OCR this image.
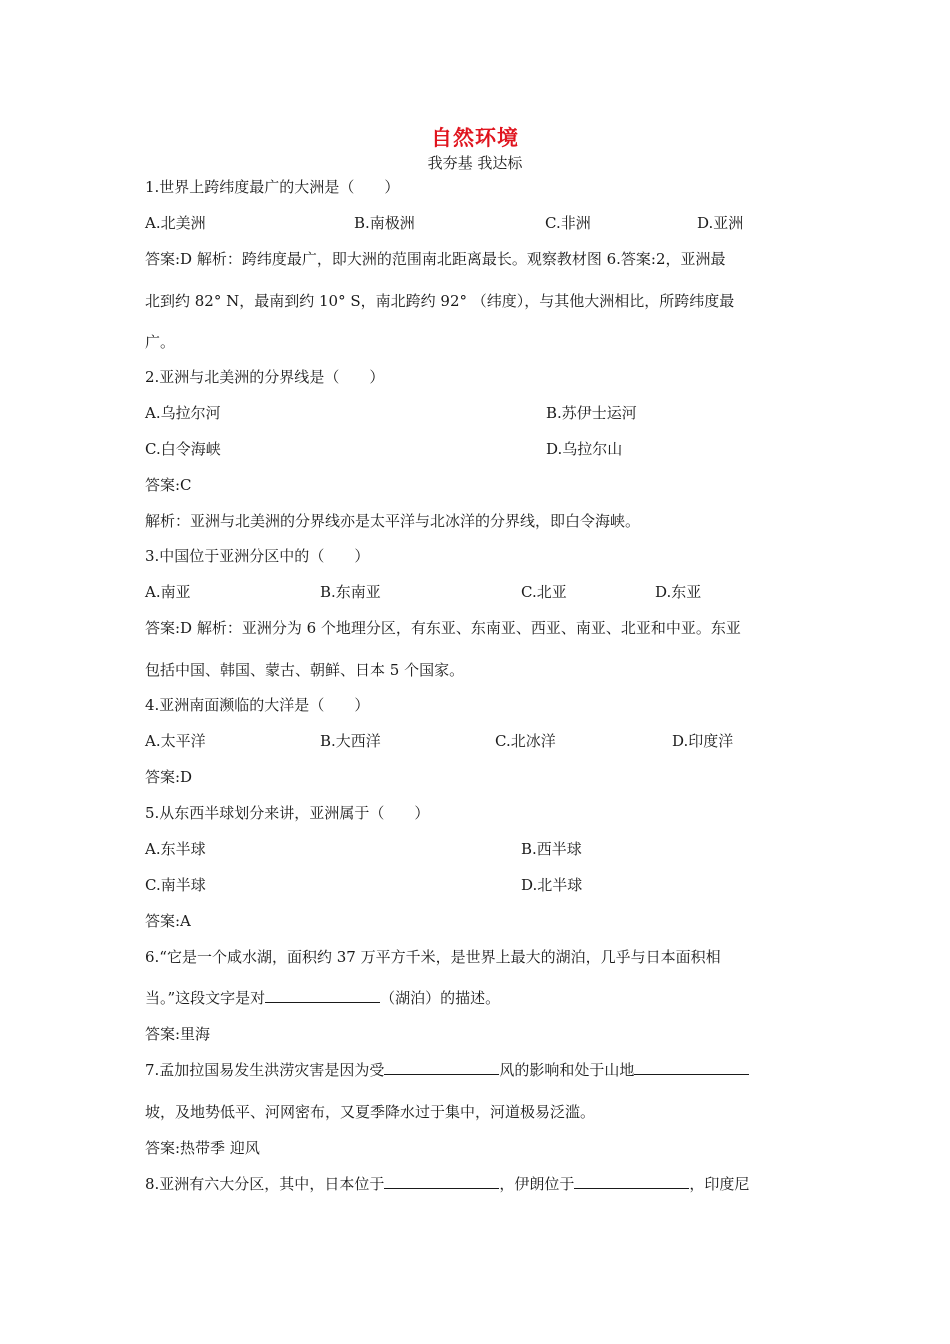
自然环境
我夯基 我达标
1.世界上跨纬度最广的大洲是（　　）
A.北美洲	B.南极洲	C.非洲	D.亚洲
答案:D 解析：跨纬度最广，即大洲的范围南北距离最长。观察教材图 6.答案:2，亚洲最
北到约 82° N，最南到约 10° S，南北跨约 92° （纬度），与其他大洲相比，所跨纬度最
广。
2.亚洲与北美洲的分界线是（　　）
A.乌拉尔河	B.苏伊士运河
C.白令海峡	D.乌拉尔山
答案:C
解析：亚洲与北美洲的分界线亦是太平洋与北冰洋的分界线，即白令海峡。
3.中国位于亚洲分区中的（　　）
A.南亚	B.东南亚	C.北亚	D.东亚
答案:D 解析：亚洲分为 6 个地理分区，有东亚、东南亚、西亚、南亚、北亚和中亚。东亚
包括中国、韩国、蒙古、朝鲜、日本 5 个国家。
4.亚洲南面濒临的大洋是（　　）
A.太平洋	B.大西洋	C.北冰洋	D.印度洋
答案:D
5.从东西半球划分来讲，亚洲属于（　　）
A.东半球	B.西半球
C.南半球	D.北半球
答案:A
6.“它是一个咸水湖，面积约 37 万平方千米，是世界上最大的湖泊，几乎与日本面积相
当。”这段文字是对	（湖泊）的描述。
答案:里海
7.孟加拉国易发生洪涝灾害是因为受	风的影响和处于山地
坡，及地势低平、河网密布，又夏季降水过于集中，河道极易泛滥。
答案:热带季 迎风
8.亚洲有六大分区，其中，日本位于	，伊朗位于	，印度尼
